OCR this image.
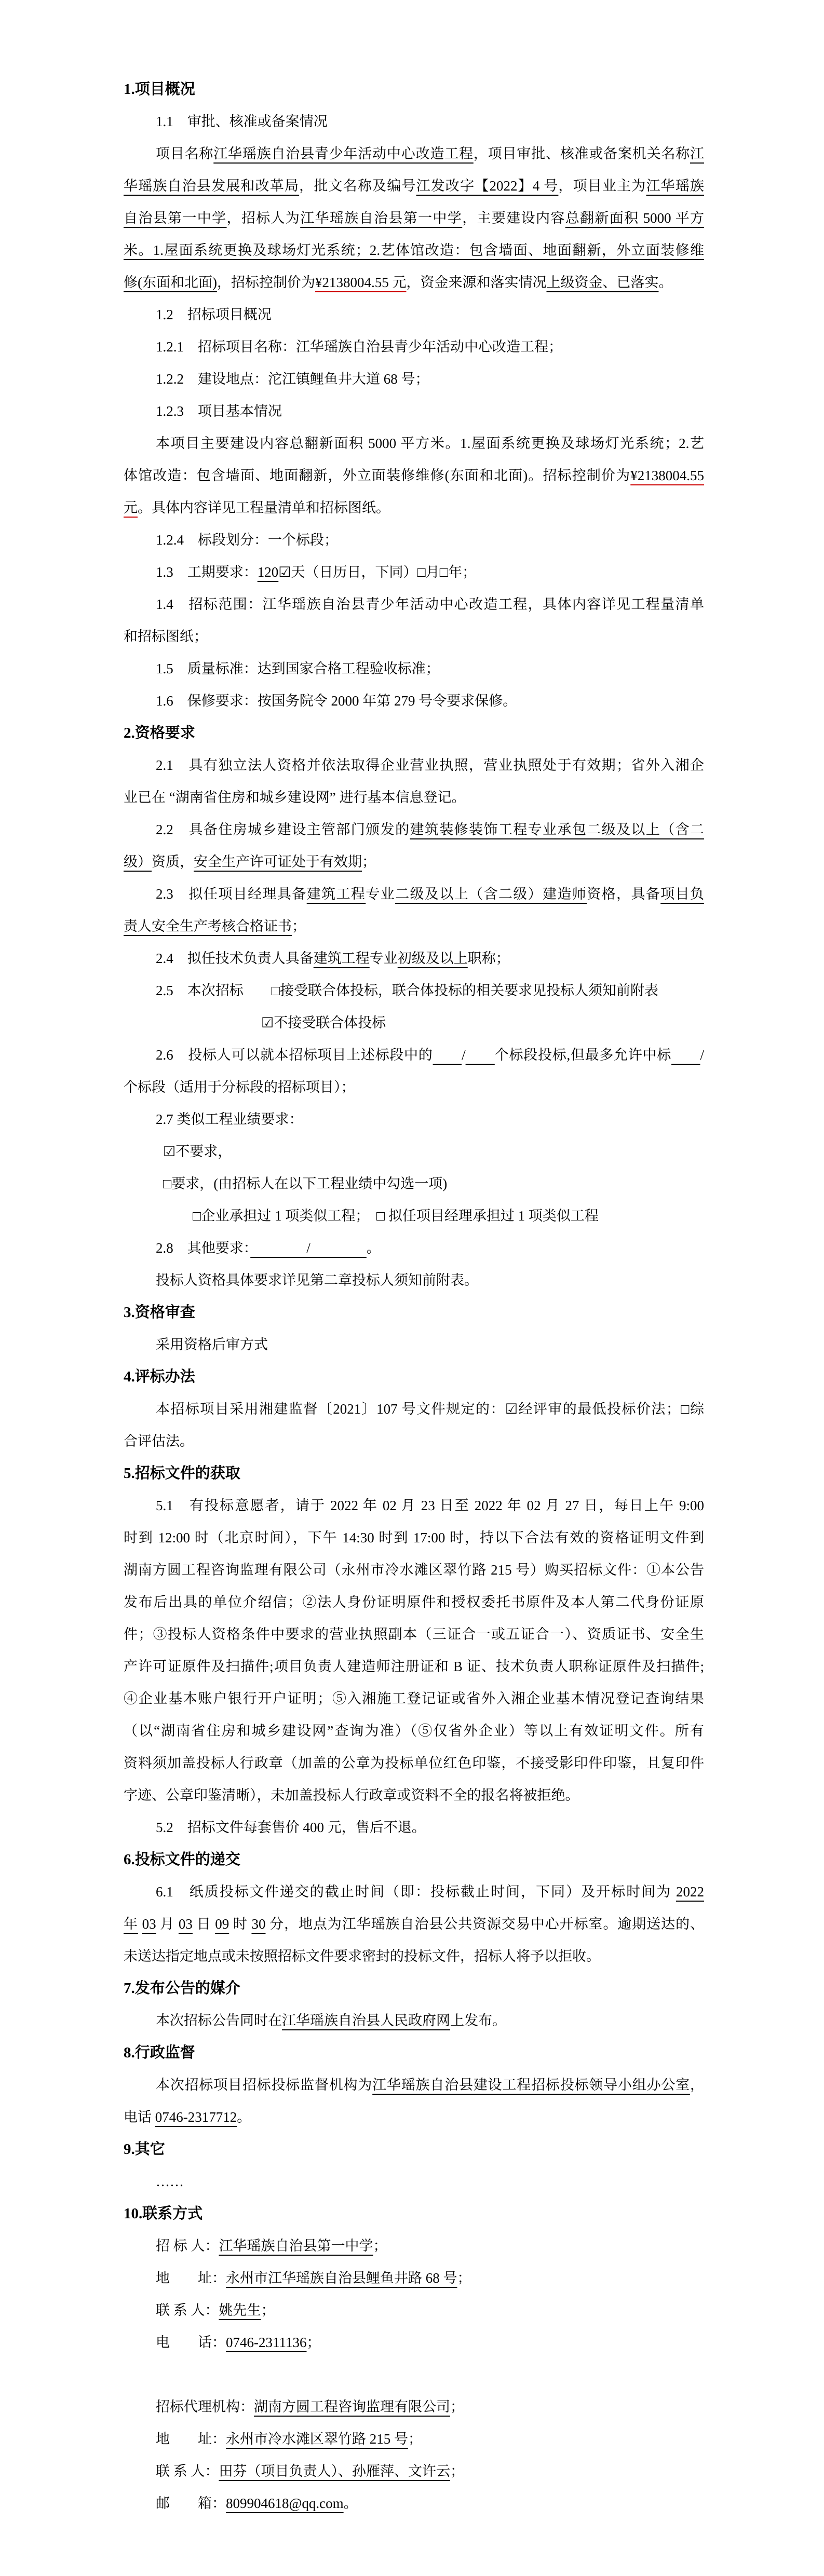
1.项目概况
1.1　审批、核准或备案情况
项目名称江华瑶族自治县青少年活动中心改造工程，项目审批、核准或备案机关名称江
华瑶族自治县发展和改革局，批文名称及编号江发改字【2022】4 号，项目业主为江华瑶族
自治县第一中学，招标人为江华瑶族自治县第一中学，主要建设内容总翻新面积 5000 平方
米。1.屋面系统更换及球场灯光系统；2.艺体馆改造：包含墙面、地面翻新，外立面装修维
修(东面和北面)，招标控制价为¥2138004.55 元，资金来源和落实情况上级资金、已落实。
1.2　招标项目概况
1.2.1　招标项目名称：江华瑶族自治县青少年活动中心改造工程；
1.2.2　建设地点：沱江镇鲤鱼井大道 68 号；
1.2.3　项目基本情况
本项目主要建设内容总翻新面积 5000 平方米。1.屋面系统更换及球场灯光系统；2.艺
体馆改造：包含墙面、地面翻新，外立面装修维修(东面和北面)。招标控制价为¥2138004.55
元。具体内容详见工程量清单和招标图纸。
1.2.4　标段划分：一个标段；
1.3　工期要求：120☑天（日历日，下同）□月□年；
1.4　招标范围：江华瑶族自治县青少年活动中心改造工程，具体内容详见工程量清单
和招标图纸；
1.5　质量标准：达到国家合格工程验收标准；
1.6　保修要求：按国务院令 2000 年第 279 号令要求保修。
2.资格要求
2.1　具有独立法人资格并依法取得企业营业执照，营业执照处于有效期；省外入湘企
业已在 “湖南省住房和城乡建设网” 进行基本信息登记。
2.2　具备住房城乡建设主管部门颁发的建筑装修装饰工程专业承包二级及以上（含二
级）资质，安全生产许可证处于有效期；
2.3　拟任项目经理具备建筑工程专业二级及以上（含二级）建造师资格，具备项目负
责人安全生产考核合格证书；
2.4　拟任技术负责人具备建筑工程专业初级及以上职称；
2.5　本次招标　　□接受联合体投标，联合体投标的相关要求见投标人须知前附表
☑不接受联合体投标
2.6　投标人可以就本招标项目上述标段中的　　 /　　 个标段投标,但最多允许中标　　 /
个标段（适用于分标段的招标项目）；
2.7 类似工程业绩要求：
☑不要求，
□要求，(由招标人在以下工程业绩中勾选一项)
□企业承担过 1 项类似工程；　□ 拟任项目经理承担过 1 项类似工程
2.8　其他要求：　　　　/　　　　。
投标人资格具体要求详见第二章投标人须知前附表。
3.资格审查
采用资格后审方式
4.评标办法
本招标项目采用湘建监督〔2021〕107 号文件规定的：☑经评审的最低投标价法；□综
合评估法。
5.招标文件的获取
5.1　有投标意愿者，请于 2022 年 02 月 23 日至 2022 年 02 月 27 日，每日上午 9:00
时到 12:00 时（北京时间），下午 14:30 时到 17:00 时，持以下合法有效的资格证明文件到
湖南方圆工程咨询监理有限公司（永州市冷水滩区翠竹路 215 号）购买招标文件：①本公告
发布后出具的单位介绍信；②法人身份证明原件和授权委托书原件及本人第二代身份证原
件；③投标人资格条件中要求的营业执照副本（三证合一或五证合一）、资质证书、安全生
产许可证原件及扫描件;项目负责人建造师注册证和 B 证、技术负责人职称证原件及扫描件;
④企业基本账户银行开户证明；⑤入湘施工登记证或省外入湘企业基本情况登记查询结果
（以“湖南省住房和城乡建设网”查询为准）（⑤仅省外企业）等以上有效证明文件。所有
资料须加盖投标人行政章（加盖的公章为投标单位红色印鉴，不接受影印件印鉴，且复印件
字迹、公章印鉴清晰），未加盖投标人行政章或资料不全的报名将被拒绝。
5.2　招标文件每套售价 400 元，售后不退。
6.投标文件的递交
6.1　纸质投标文件递交的截止时间（即：投标截止时间，下同）及开标时间为 2022
年 03 月 03 日 09 时 30 分，地点为江华瑶族自治县公共资源交易中心开标室。逾期送达的、
未送达指定地点或未按照招标文件要求密封的投标文件，招标人将予以拒收。
7.发布公告的媒介
本次招标公告同时在江华瑶族自治县人民政府网上发布。
8.行政监督
本次招标项目招标投标监督机构为江华瑶族自治县建设工程招标投标领导小组办公室，
电话 0746-2317712。
9.其它
……
10.联系方式
招 标 人：江华瑶族自治县第一中学；
地　　址：永州市江华瑶族自治县鲤鱼井路 68 号；
联 系 人：姚先生；
电　　话：0746-2311136；

招标代理机构：湖南方圆工程咨询监理有限公司；
地　　址：永州市冷水滩区翠竹路 215 号；
联 系 人：田芬（项目负责人）、孙雁萍、文许云；
邮　　箱：809904618@qq.com。
